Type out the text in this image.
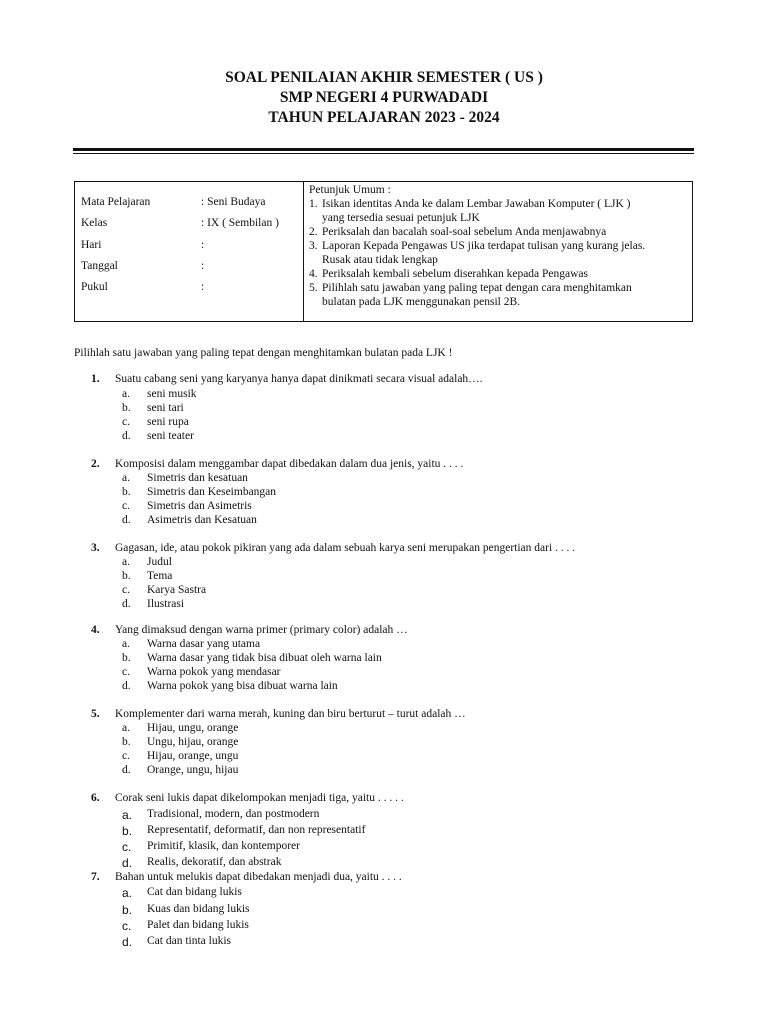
SOAL PENILAIAN AKHIR SEMESTER ( US )
SMP NEGERI 4 PURWADADI
TAHUN PELAJARAN 2023 - 2024
Mata Pelajaran	: Seni Budaya
Kelas	: IX ( Sembilan )
Hari	:
Tanggal	:
Pukul	:
Petunjuk Umum :
1. Isikan identitas Anda ke dalam Lembar Jawaban Komputer ( LJK )
yang tersedia sesuai petunjuk LJK
2. Periksalah dan bacalah soal-soal sebelum Anda menjawabnya
3. Laporan Kepada Pengawas US jika terdapat tulisan yang kurang jelas.
Rusak atau tidak lengkap
4. Periksalah kembali sebelum diserahkan kepada Pengawas
5. Pilihlah satu jawaban yang paling tepat dengan cara menghitamkan
bulatan pada LJK menggunakan pensil 2B.
Pilihlah satu jawaban yang paling tepat dengan menghitamkan bulatan pada LJK !
1.	Suatu cabang seni yang karyanya hanya dapat dinikmati secara visual adalah….
a. seni musik
b. seni tari
c. seni rupa
d. seni teater
2.	Komposisi dalam menggambar dapat dibedakan dalam dua jenis, yaitu . . . .
a. Simetris dan kesatuan
b. Simetris dan Keseimbangan
c. Simetris dan Asimetris
d. Asimetris dan Kesatuan
3.	Gagasan, ide, atau pokok pikiran yang ada dalam sebuah karya seni merupakan pengertian dari . . . .
a. Judul
b. Tema
c. Karya Sastra
d. Ilustrasi
4.	Yang dimaksud dengan warna primer (primary color) adalah …
a. Warna dasar yang utama
b. Warna dasar yang tidak bisa dibuat oleh warna lain
c. Warna pokok yang mendasar
d. Warna pokok yang bisa dibuat warna lain
5.	Komplementer dari warna merah, kuning dan biru berturut – turut adalah …
a. Hijau, ungu, orange
b. Ungu, hijau, orange
c. Hijau, orange, ungu
d. Orange, ungu, hijau
6.	Corak seni lukis dapat dikelompokan menjadi tiga, yaitu . . . . .
a. Tradisional, modern, dan postmodern
b. Representatif, deformatif, dan non representatif
c. Primitif, klasik, dan kontemporer
d. Realis, dekoratif, dan abstrak
7.	Bahan untuk melukis dapat dibedakan menjadi dua, yaitu . . . .
a. Cat dan bidang lukis
b. Kuas dan bidang lukis
c. Palet dan bidang lukis
d. Cat dan tinta lukis
